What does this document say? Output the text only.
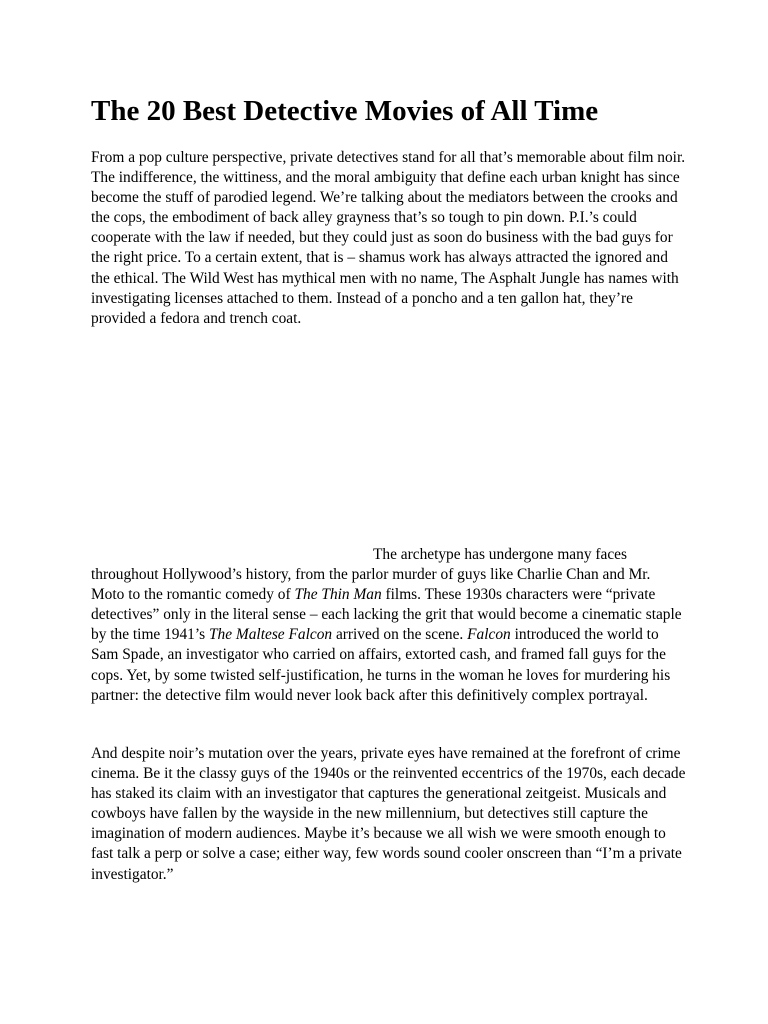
The 20 Best Detective Movies of All Time

From a pop culture perspective, private detectives stand for all that’s memorable about film noir. The indifference, the wittiness, and the moral ambiguity that define each urban knight has since become the stuff of parodied legend. We’re talking about the mediators between the crooks and the cops, the embodiment of back alley grayness that’s so tough to pin down. P.I.’s could cooperate with the law if needed, but they could just as soon do business with the bad guys for the right price. To a certain extent, that is – shamus work has always attracted the ignored and the ethical. The Wild West has mythical men with no name, The Asphalt Jungle has names with investigating licenses attached to them. Instead of a poncho and a ten gallon hat, they’re provided a fedora and trench coat.

The archetype has undergone many faces throughout Hollywood’s history, from the parlor murder of guys like Charlie Chan and Mr. Moto to the romantic comedy of The Thin Man films. These 1930s characters were “private detectives” only in the literal sense – each lacking the grit that would become a cinematic staple by the time 1941’s The Maltese Falcon arrived on the scene. Falcon introduced the world to Sam Spade, an investigator who carried on affairs, extorted cash, and framed fall guys for the cops. Yet, by some twisted self-justification, he turns in the woman he loves for murdering his partner: the detective film would never look back after this definitively complex portrayal.

And despite noir’s mutation over the years, private eyes have remained at the forefront of crime cinema. Be it the classy guys of the 1940s or the reinvented eccentrics of the 1970s, each decade has staked its claim with an investigator that captures the generational zeitgeist. Musicals and cowboys have fallen by the wayside in the new millennium, but detectives still capture the imagination of modern audiences. Maybe it’s because we all wish we were smooth enough to fast talk a perp or solve a case; either way, few words sound cooler onscreen than “I’m a private investigator.”
